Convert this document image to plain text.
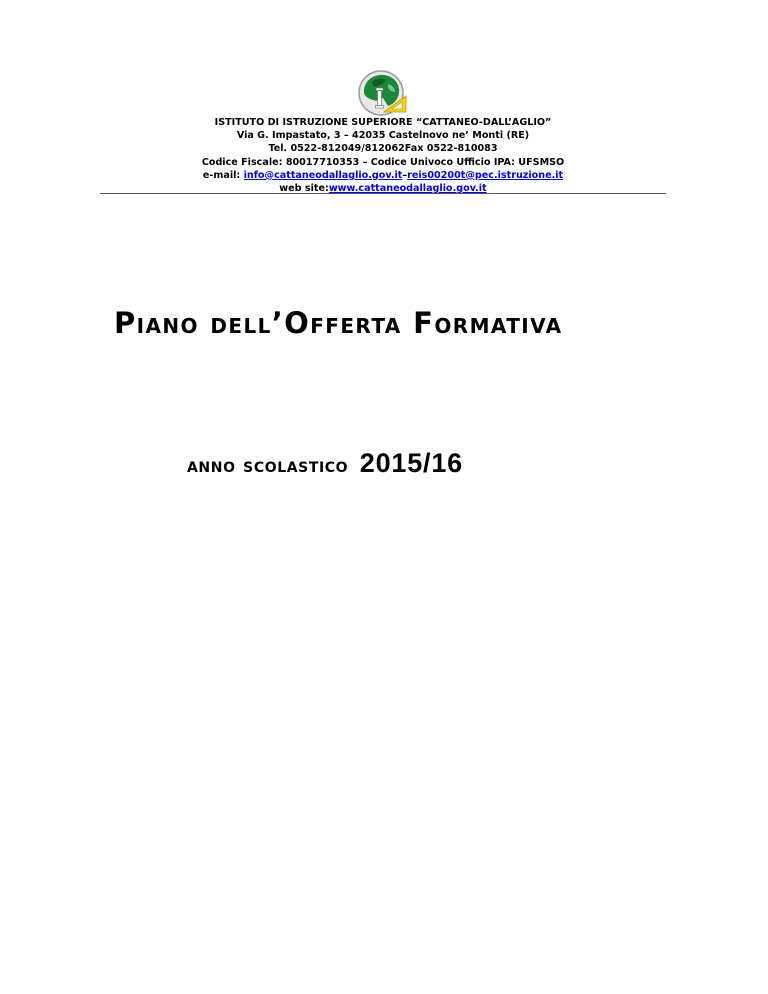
ISTITUTO DI ISTRUZIONE SUPERIORE “CATTANEO-DALL’AGLIO”
Via G. Impastato, 3 – 42035 Castelnovo ne’ Monti (RE)
Tel. 0522-812049/812062Fax 0522-810083
Codice Fiscale: 80017710353 – Codice Univoco Ufficio IPA: UFSMSO
e-mail: info@cattaneodallaglio.gov.it–reis00200t@pec.istruzione.it
web site:www.cattaneodallaglio.gov.it
Piano dell’Offerta Formativa
anno scolastico 2015/16
